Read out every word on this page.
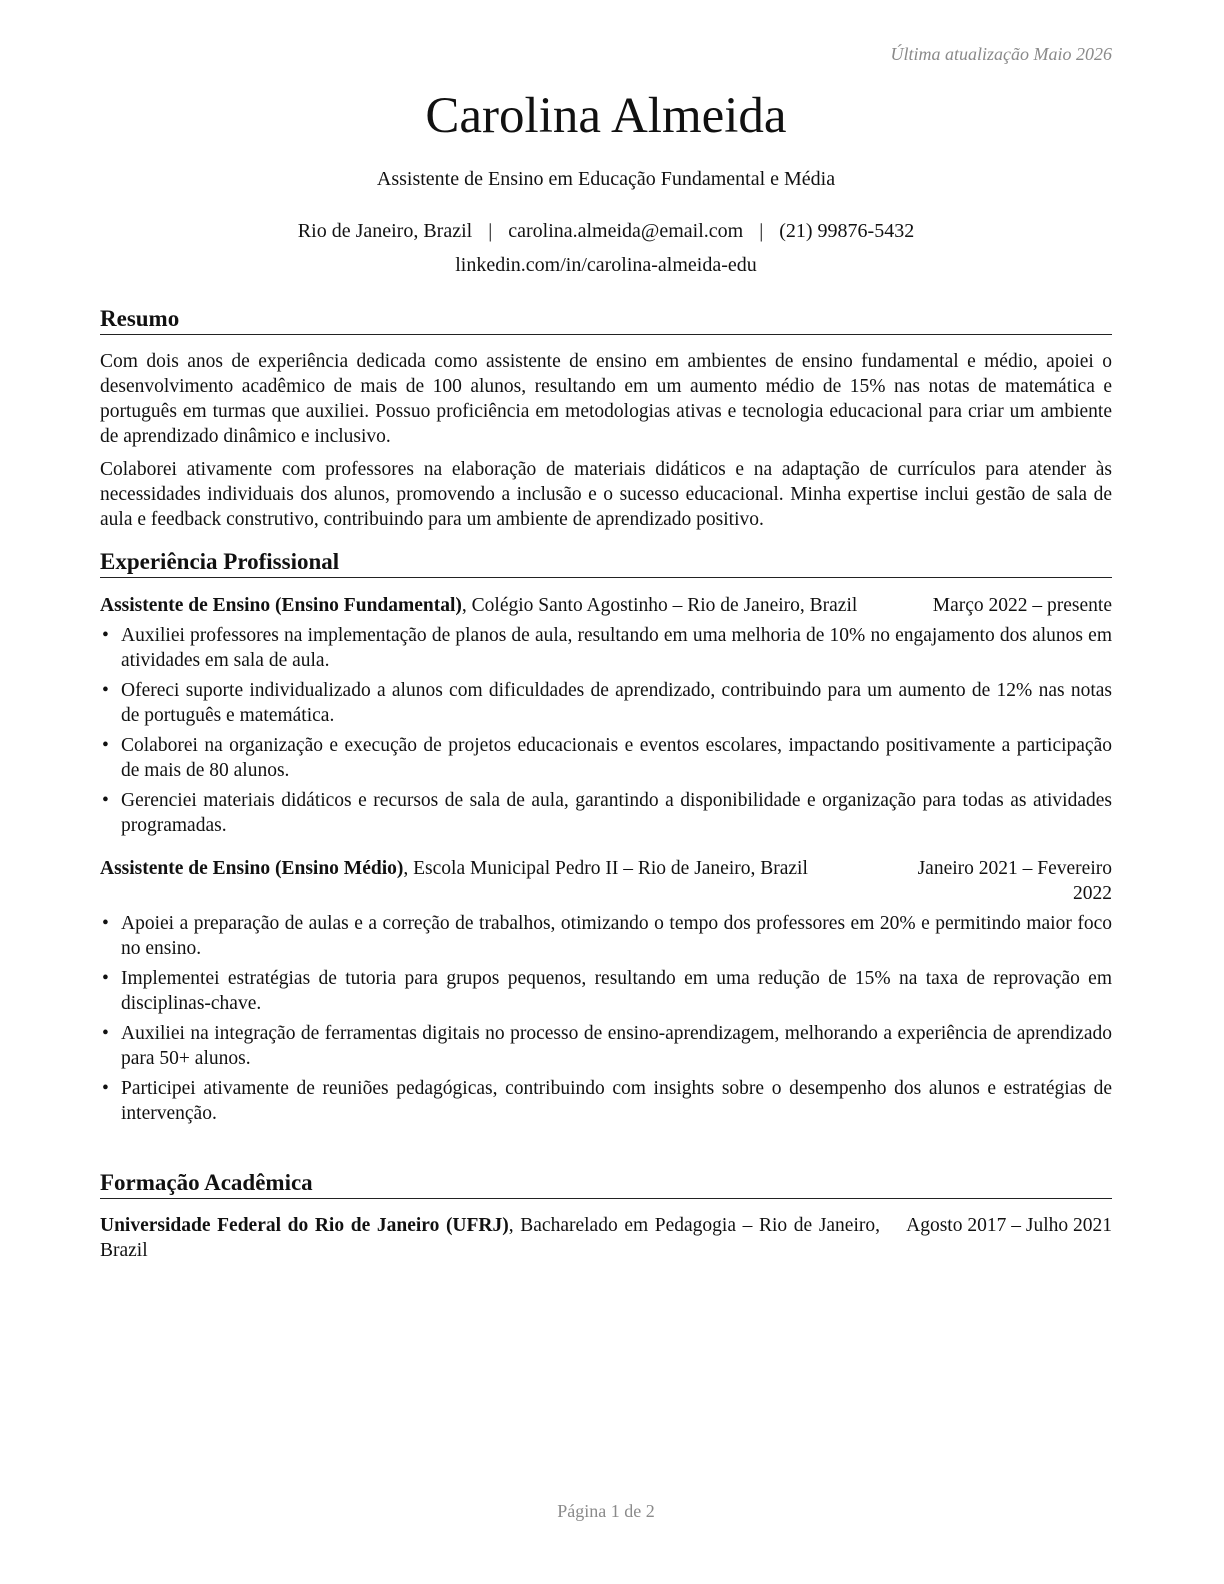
Última atualização Maio 2026
Carolina Almeida
Assistente de Ensino em Educação Fundamental e Média
Rio de Janeiro, Brazil | carolina.almeida@email.com | (21) 99876-5432
linkedin.com/in/carolina-almeida-edu
Resumo

Com dois anos de experiência dedicada como assistente de ensino em ambientes de ensino fundamental e médio, apoiei o desenvolvimento acadêmico de mais de 100 alunos, resultando em um aumento médio de 15% nas notas de matemática e português em turmas que auxiliei. Possuo proficiência em metodologias ativas e tecnologia educacional para criar um ambiente de aprendizado dinâmico e inclusivo.

Colaborei ativamente com professores na elaboração de materiais didáticos e na adaptação de currículos para atender às necessidades individuais dos alunos, promovendo a inclusão e o sucesso educacional. Minha expertise inclui gestão de sala de aula e feedback construtivo, contribuindo para um ambiente de aprendizado positivo.

Experiência Profissional
Assistente de Ensino (Ensino Fundamental), Colégio Santo Agostinho – Rio de Janeiro, Brazil	Março 2022 – presente
• Auxiliei professores na implementação de planos de aula, resultando em uma melhoria de 10% no engajamento dos alunos em atividades em sala de aula.
• Ofereci suporte individualizado a alunos com dificuldades de aprendizado, contribuindo para um aumento de 12% nas notas de português e matemática.
• Colaborei na organização e execução de projetos educacionais e eventos escolares, impactando positivamente a participação de mais de 80 alunos.
• Gerenciei materiais didáticos e recursos de sala de aula, garantindo a disponibilidade e organização para todas as atividades programadas.
Assistente de Ensino (Ensino Médio), Escola Municipal Pedro II – Rio de Janeiro, Brazil	Janeiro 2021 – Fevereiro
2022
• Apoiei a preparação de aulas e a correção de trabalhos, otimizando o tempo dos professores em 20% e permitindo maior foco no ensino.
• Implementei estratégias de tutoria para grupos pequenos, resultando em uma redução de 15% na taxa de reprovação em disciplinas-chave.
• Auxiliei na integração de ferramentas digitais no processo de ensino-aprendizagem, melhorando a experiência de aprendizado para 50+ alunos.
• Participei ativamente de reuniões pedagógicas, contribuindo com insights sobre o desempenho dos alunos e estratégias de intervenção.
Formação Acadêmica
Universidade Federal do Rio de Janeiro (UFRJ), Bacharelado em Pedagogia – Rio de Janeiro, Brazil
Agosto 2017 – Julho 2021
Página 1 de 2
